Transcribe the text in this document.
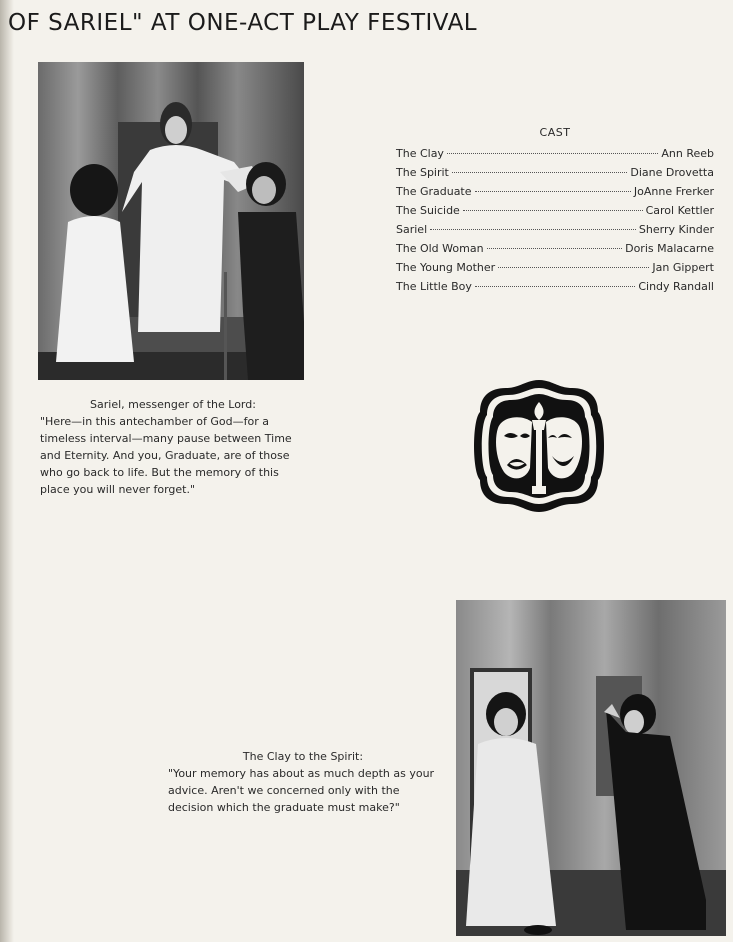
OF SARIEL" AT ONE-ACT PLAY FESTIVAL
Sariel, messenger of the Lord:
"Here—in this antechamber of God—for a timeless interval—many pause between Time and Eternity. And you, Graduate, are of those who go back to life. But the memory of this place you will never forget."
CAST
The Clay	Ann Reeb
The Spirit	Diane Drovetta
The Graduate	JoAnne Frerker
The Suicide	Carol Kettler
Sariel	Sherry Kinder
The Old Woman	Doris Malacarne
The Young Mother	Jan Gippert
The Little Boy	Cindy Randall
The Clay to the Spirit:
"Your memory has about as much depth as your advice. Aren't we concerned only with the decision which the graduate must make?"
